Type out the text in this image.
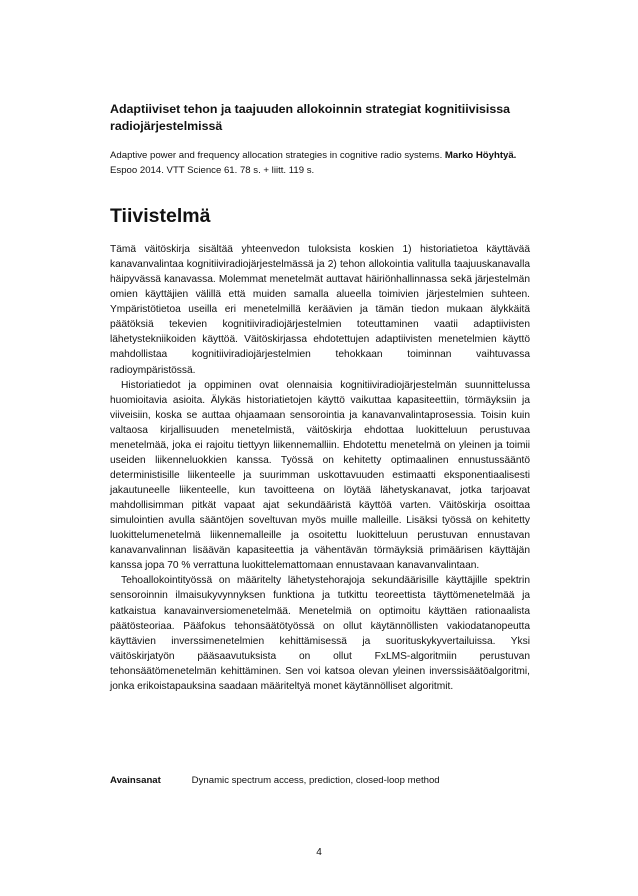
Adaptiiviset tehon ja taajuuden allokoinnin strategiat kognitiivisissa radiojärjestelmissä
Adaptive power and frequency allocation strategies in cognitive radio systems. Marko Höyhtyä. Espoo 2014. VTT Science 61. 78 s. + liitt. 119 s.
Tiivistelmä

Tämä väitöskirja sisältää yhteenvedon tuloksista koskien 1) historiatietoa käyttävää kanavanvalintaa kognitiiviradiojärjestelmässä ja 2) tehon allokointia valitulla taajuuskanavalla häipyvässä kanavassa. Molemmat menetelmät auttavat häiriönhallinnassa sekä järjestelmän omien käyttäjien välillä että muiden samalla alueella toimivien järjestelmien suhteen. Ympäristötietoa useilla eri menetelmillä keräävien ja tämän tiedon mukaan älykkäitä päätöksiä tekevien kognitiiviradiojärjestelmien toteuttaminen vaatii adaptiivisten lähetystekniikoiden käyttöä. Väitöskirjassa ehdotettujen adaptiivisten menetelmien käyttö mahdollistaa kognitiiviradiojärjestelmien tehokkaan toiminnan vaihtuvassa radioympäristössä.

Historiatiedot ja oppiminen ovat olennaisia kognitiiviradiojärjestelmän suunnittelussa huomioitavia asioita. Älykäs historiatietojen käyttö vaikuttaa kapasiteettiin, törmäyksiin ja viiveisiin, koska se auttaa ohjaamaan sensorointia ja kanavanvalintaprosessia. Toisin kuin valtaosa kirjallisuuden menetelmistä, väitöskirja ehdottaa luokitteluun perustuvaa menetelmää, joka ei rajoitu tiettyyn liikennemalliin. Ehdotettu menetelmä on yleinen ja toimii useiden liikenneluokkien kanssa. Työssä on kehitetty optimaalinen ennustussääntö deterministisille liikenteelle ja suurimman uskottavuuden estimaatti eksponentiaalisesti jakautuneelle liikenteelle, kun tavoitteena on löytää lähetyskanavat, jotka tarjoavat mahdollisimman pitkät vapaat ajat sekundääristä käyttöä varten. Väitöskirja osoittaa simulointien avulla sääntöjen soveltuvan myös muille malleille. Lisäksi työssä on kehitetty luokittelumenetelmä liikennemalleille ja osoitettu luokitteluun perustuvan ennustavan kanavanvalinnan lisäävän kapasiteettia ja vähentävän törmäyksiä primäärisen käyttäjän kanssa jopa 70 % verrattuna luokittelemattomaan ennustavaan kanavanvalintaan.

Tehoallokointityössä on määritelty lähetystehorajoja sekundäärisille käyttäjille spektrin sensoroinnin ilmaisukyvynnyksen funktiona ja tutkittu teoreettista täyttömenetelmää ja katkaistua kanavainversiomenetelmää. Menetelmiä on optimoitu käyttäen rationaalista päätösteoriaa. Pääfokus tehonsäätötyössä on ollut käytännöllisten vakiodatanopeutta käyttävien inverssimenetelmien kehittämisessä ja suorituskykyvertailuissa. Yksi väitöskirjatyön pääsaavutuksista on ollut FxLMS-algoritmiin perustuvan tehonsäätömenetelmän kehittäminen. Sen voi katsoa olevan yleinen inverssisäätöalgoritmi, jonka erikoistapauksina saadaan määriteltyä monet käytännölliset algoritmit.

Avainsanat	Dynamic spectrum access, prediction, closed-loop method
4
